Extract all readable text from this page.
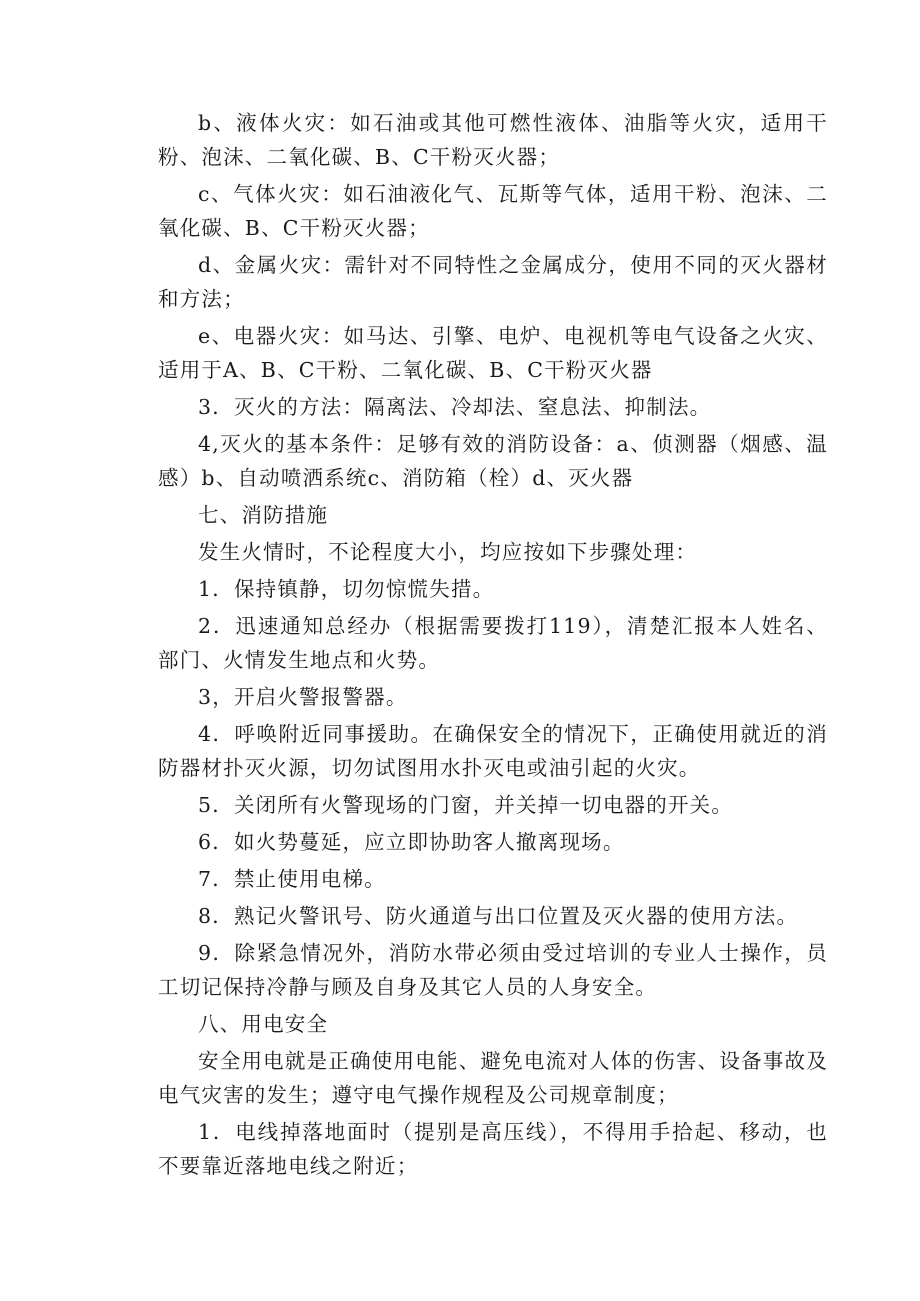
b、液体火灾：如石油或其他可燃性液体、油脂等火灾，适用干粉、泡沫、二氧化碳、B、C干粉灭火器；

c、气体火灾：如石油液化气、瓦斯等气体，适用干粉、泡沫、二氧化碳、B、C干粉灭火器；

d、金属火灾：需针对不同特性之金属成分，使用不同的灭火器材和方法；

e、电器火灾：如马达、引擎、电炉、电视机等电气设备之火灾、适用于A、B、C干粉、二氧化碳、B、C干粉灭火器

3．灭火的方法：隔离法、冷却法、窒息法、抑制法。

4,灭火的基本条件：足够有效的消防设备：a、侦测器（烟感、温感）b、自动喷洒系统c、消防箱（栓）d、灭火器

七、消防措施

发生火情时，不论程度大小，均应按如下步骤处理：

1．保持镇静，切勿惊慌失措。

2．迅速通知总经办（根据需要拨打119），清楚汇报本人姓名、部门、火情发生地点和火势。

3，开启火警报警器。

4．呼唤附近同事援助。在确保安全的情况下，正确使用就近的消防器材扑灭火源，切勿试图用水扑灭电或油引起的火灾。

5．关闭所有火警现场的门窗，并关掉一切电器的开关。

6．如火势蔓延，应立即协助客人撤离现场。

7．禁止使用电梯。

8．熟记火警讯号、防火通道与出口位置及灭火器的使用方法。

9．除紧急情况外，消防水带必须由受过培训的专业人士操作，员工切记保持冷静与顾及自身及其它人员的人身安全。

八、用电安全

安全用电就是正确使用电能、避免电流对人体的伤害、设备事故及电气灾害的发生；遵守电气操作规程及公司规章制度；

1．电线掉落地面时（提别是高压线），不得用手拾起、移动，也不要靠近落地电线之附近；
